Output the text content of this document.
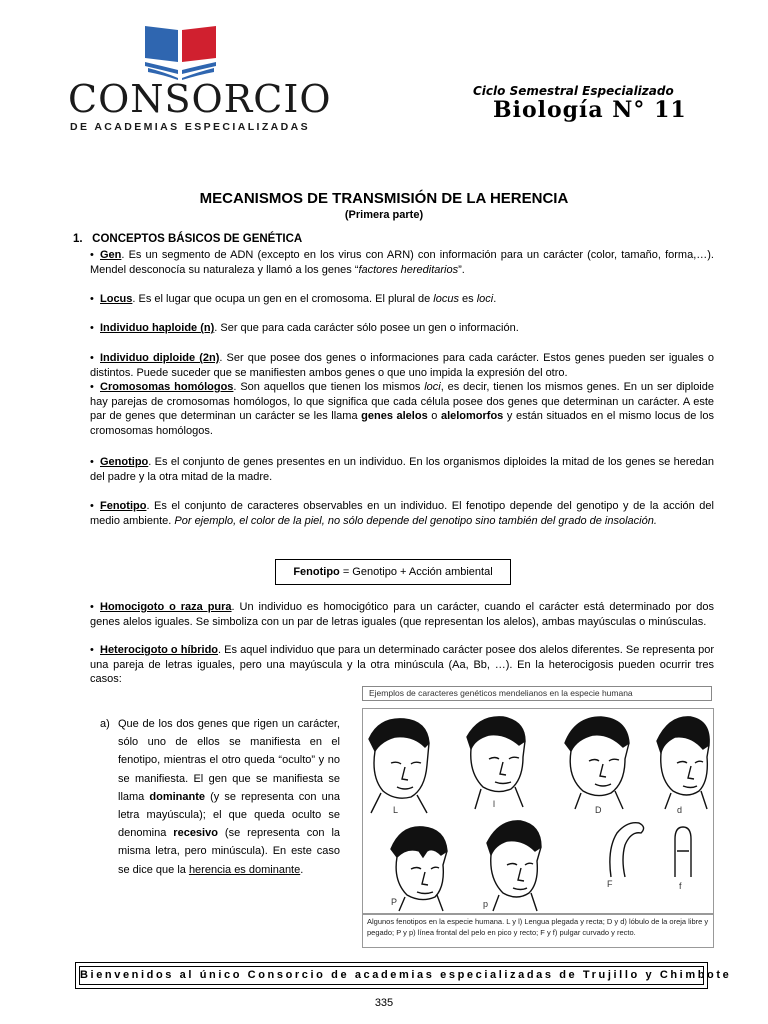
CONSORCIO
DE ACADEMIAS ESPECIALIZADAS
Ciclo Semestral Especializado
Biología N° 11
MECANISMOS DE TRANSMISIÓN DE LA HERENCIA
(Primera parte)
1.   CONCEPTOS BÁSICOS DE GENÉTICA
• Gen. Es un segmento de ADN (excepto en los virus con ARN) con información para un carácter (color, tamaño, forma,…). Mendel desconocía su naturaleza y llamó a los genes “factores hereditarios”.
• Locus. Es el lugar que ocupa un gen en el cromosoma. El plural de locus es loci.
• Individuo haploide (n). Ser que para cada carácter sólo posee un gen o información.
• Individuo diploide (2n). Ser que posee dos genes o informaciones para cada carácter. Estos genes pueden ser iguales o distintos. Puede suceder que se manifiesten ambos genes o que uno impida la expresión del otro.
• Cromosomas homólogos. Son aquellos que tienen los mismos loci, es decir, tienen los mismos genes. En un ser diploide hay parejas de cromosomas homólogos, lo que significa que cada célula posee dos genes que determinan un carácter. A este par de genes que determinan un carácter se les llama genes alelos o alelomorfos y están situados en el mismo locus de los cromosomas homólogos.
• Genotipo. Es el conjunto de genes presentes en un individuo. En los organismos diploides la mitad de los genes se heredan del padre y la otra mitad de la madre.
• Fenotipo. Es el conjunto de caracteres observables en un individuo. El fenotipo depende del genotipo y de la acción del medio ambiente. Por ejemplo, el color de la piel, no sólo depende del genotipo sino también del grado de insolación.
Fenotipo = Genotipo + Acción ambiental
• Homocigoto o raza pura. Un individuo es homocigótico para un carácter, cuando el carácter está determinado por dos genes alelos iguales. Se simboliza con un par de letras iguales (que representan los alelos), ambas mayúsculas o minúsculas.
• Heterocigoto o híbrido. Es aquel individuo que para un determinado carácter posee dos alelos diferentes. Se representa por una pareja de letras iguales, pero una mayúscula y la otra minúscula (Aa, Bb, …). En la heterocigosis pueden ocurrir tres casos:
a) Que de los dos genes que rigen un carácter, sólo uno de ellos se manifiesta en el fenotipo, mientras el otro queda “oculto” y no se manifiesta. El gen que se manifiesta se llama dominante (y se representa con una letra mayúscula); el que queda oculto se denomina recesivo (se representa con la misma letra, pero minúscula). En este caso se dice que la herencia es dominante.
Ejemplos de caracteres genéticos mendelianos en la especie humana
L
l
D	d
P	p
F	f
Algunos fenotipos en la especie humana. L y l) Lengua plegada y recta; D y d) lóbulo de la oreja libre y pegado; P y p) línea frontal del pelo en pico y recto; F y f) pulgar curvado y recto.
Bienvenidos al único Consorcio de academias especializadas de Trujillo y Chimbote
335
